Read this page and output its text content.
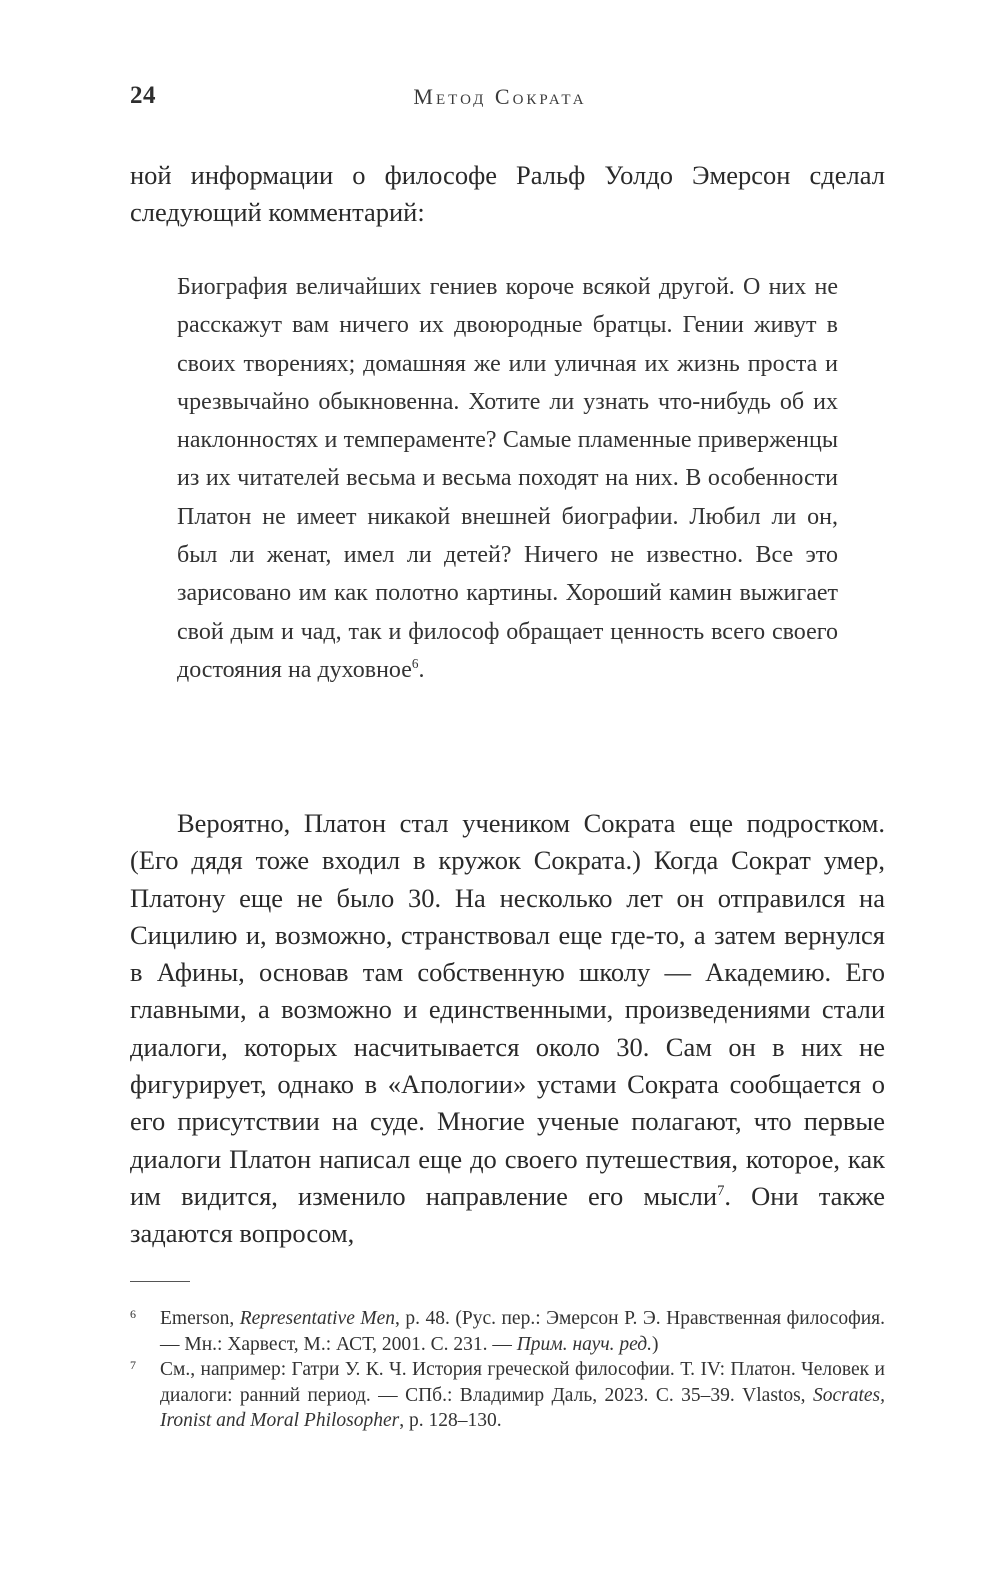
24	Метод Сократа

ной информации о философе Ральф Уолдо Эмерсон сделал следующий комментарий:

Биография величайших гениев короче всякой другой. О них не расскажут вам ничего их двоюродные братцы. Гении живут в своих творениях; домашняя же или уличная их жизнь проста и чрезвычайно обыкновенна. Хотите ли узнать что-нибудь об их наклонностях и темпераменте? Самые пламенные приверженцы из их читателей весьма и весьма походят на них. В особенности Платон не имеет никакой внешней биографии. Любил ли он, был ли женат, имел ли детей? Ничего не известно. Все это зарисовано им как полотно картины. Хороший камин выжигает свой дым и чад, так и философ обращает ценность всего своего достояния на духовное$^6$.

Вероятно, Платон стал учеником Сократа еще подростком. (Его дядя тоже входил в кружок Сократа.) Когда Сократ умер, Платону еще не было 30. На несколько лет он отправился на Сицилию и, возможно, странствовал еще где-то, а затем вернулся в Афины, основав там собственную школу — Академию. Его главными, а возможно и единственными, произведениями стали диалоги, которых насчитывается около 30. Сам он в них не фигурирует, однако в «Апологии» устами Сократа сообщается о его присутствии на суде. Многие ученые полагают, что первые диалоги Платон написал еще до своего путешествия, которое, как им видится, изменило направление его мысли$^7$. Они также задаются вопросом,

6 Emerson, Representative Men, p. 48. (Рус. пер.: Эмерсон Р. Э. Нравственная философия. — Мн.: Харвест, М.: АСТ, 2001. С. 231. — Прим. науч. ред.)
7 См., например: Гатри У. К. Ч. История греческой философии. Т. IV: Платон. Человек и диалоги: ранний период. — СПб.: Владимир Даль, 2023. С. 35–39. Vlastos, Socrates, Ironist and Moral Philosopher, p. 128–130.
